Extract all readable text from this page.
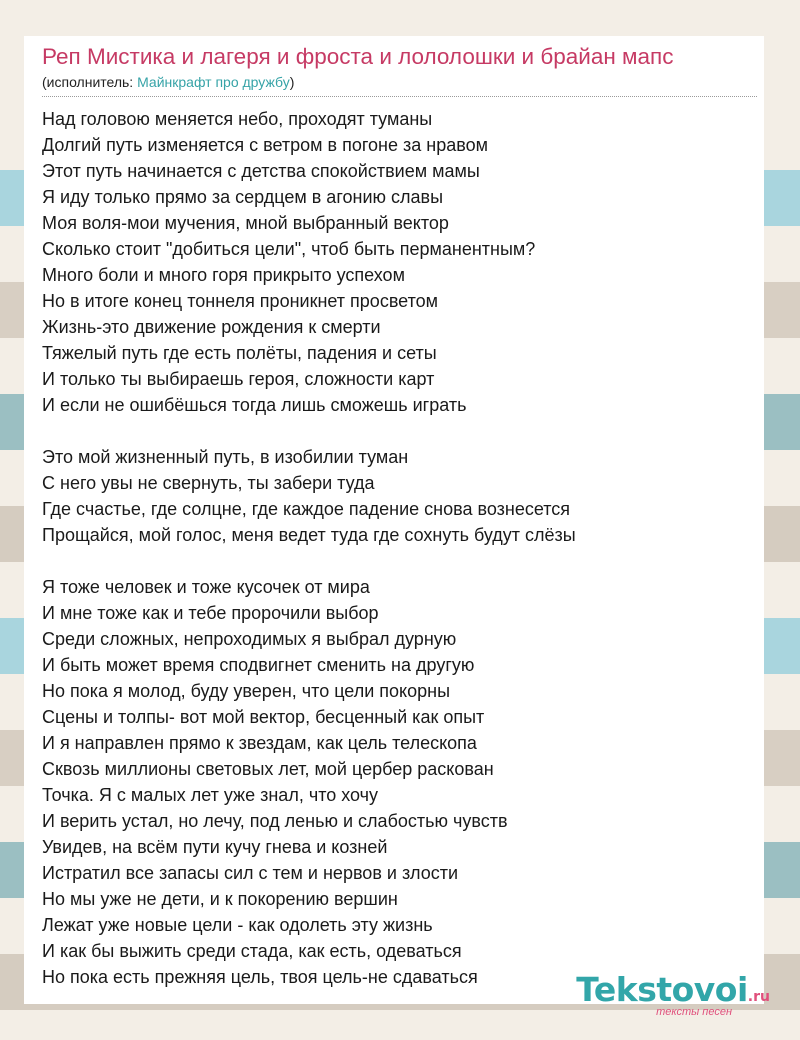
Реп Мистика и лагеря и фроста и лололошки и брайан мапс
(исполнитель: Майнкрафт про дружбу)
Над головою меняется небо, проходят туманы
Долгий путь изменяется с ветром в погоне за нравом
Этот путь начинается с детства спокойствием мамы
Я иду только прямо за сердцем в агонию славы
Моя воля-мои мучения, мной выбранный вектор
Сколько стоит "добиться цели", чтоб быть перманентным?
Много боли и много горя прикрыто успехом
Но в итоге конец тоннеля проникнет просветом
Жизнь-это движение рождения к смерти
Тяжелый путь где есть полёты, падения и сеты
И только ты выбираешь героя, сложности карт
И если не ошибёшься тогда лишь сможешь играть
Это мой жизненный путь, в изобилии туман
С него увы не свернуть, ты забери туда
Где счастье, где солцне, где каждое падение снова вознесется
Прощайся, мой голос, меня ведет туда где сохнуть будут слёзы
Я тоже человек и тоже кусочек от мира
И мне тоже как и тебе пророчили выбор
Среди сложных, непроходимых я выбрал дурную
И быть может время сподвигнет сменить на другую
Но пока я молод, буду уверен, что цели покорны
Сцены и толпы- вот мой вектор, бесценный как опыт
И я направлен прямо к звездам, как цель телескопа
Сквозь миллионы световых лет, мой цербер раскован
Точка. Я с малых лет уже знал, что хочу
И верить устал, но лечу, под ленью и слабостью чувств
Увидев, на всём пути кучу гнева и козней
Истратил все запасы сил с тем и нервов и злости
Но мы уже не дети, и к покорению вершин
Лежат уже новые цели - как одолеть эту жизнь
И как бы выжить среди стада, как есть, одеваться
Но пока есть прежняя цель, твоя цель-не сдаваться	Tekstovoi.ru
тексты песен
